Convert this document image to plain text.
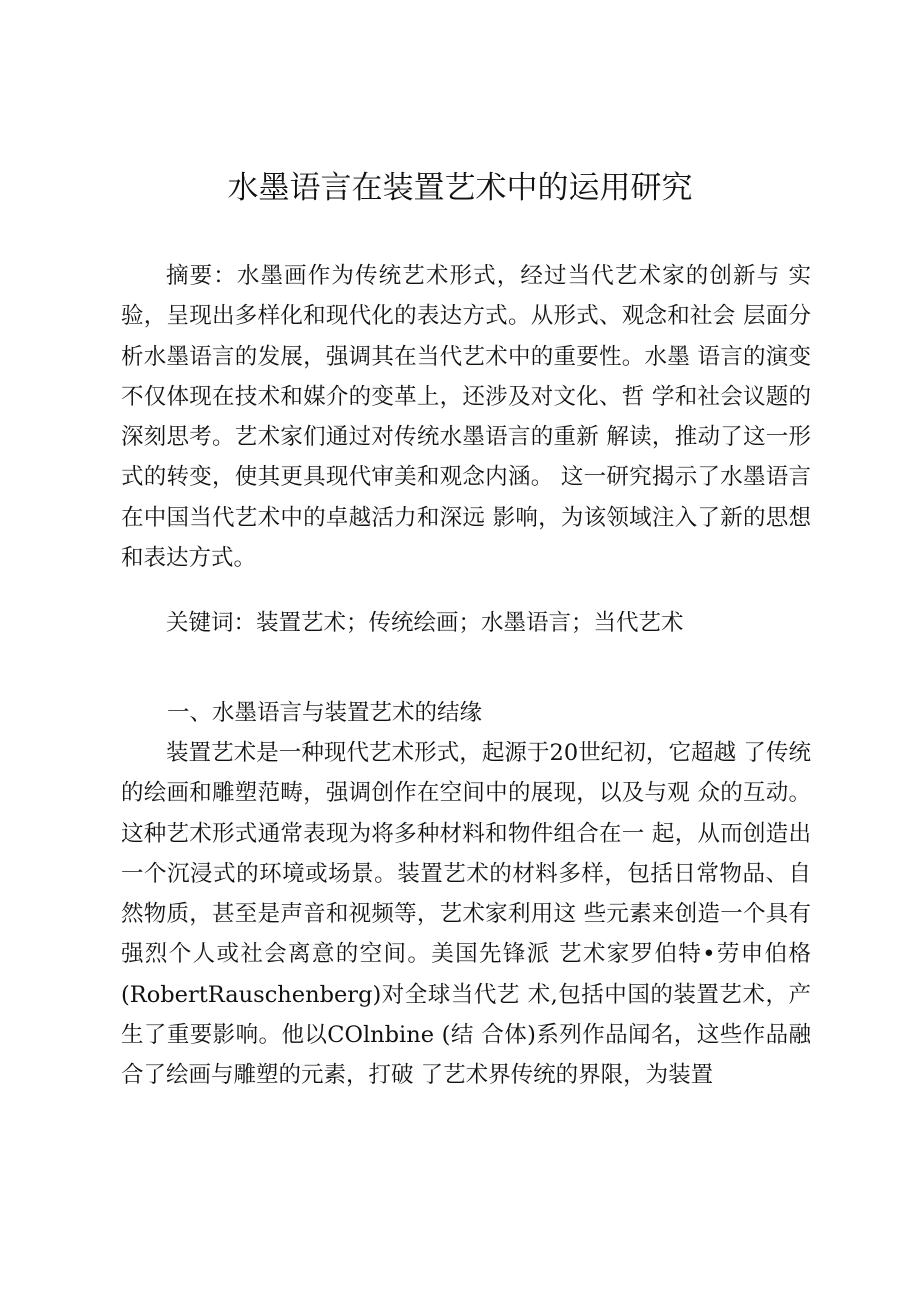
水墨语言在装置艺术中的运用研究
摘要：水墨画作为传统艺术形式，经过当代艺术家的创新与 实验，呈现出多样化和现代化的表达方式。从形式、观念和社会 层面分析水墨语言的发展，强调其在当代艺术中的重要性。水墨 语言的演变不仅体现在技术和媒介的变革上，还涉及对文化、哲 学和社会议题的深刻思考。艺术家们通过对传统水墨语言的重新 解读，推动了这一形式的转变，使其更具现代审美和观念内涵。 这一研究揭示了水墨语言在中国当代艺术中的卓越活力和深远 影响，为该领域注入了新的思想和表达方式。
关键词：装置艺术；传统绘画；水墨语言；当代艺术
一、水墨语言与装置艺术的结缘
装置艺术是一种现代艺术形式，起源于20世纪初，它超越 了传统的绘画和雕塑范畴，强调创作在空间中的展现，以及与观 众的互动。这种艺术形式通常表现为将多种材料和物件组合在一 起，从而创造出一个沉浸式的环境或场景。装置艺术的材料多样，包括日常物品、自然物质，甚至是声音和视频等，艺术家利用这 些元素来创造一个具有强烈个人或社会离意的空间。美国先锋派 艺术家罗伯特•劳申伯格(RobertRauschenberg)对全球当代艺 术,包括中国的装置艺术，产生了重要影响。他以COlnbine (结 合体)系列作品闻名，这些作品融合了绘画与雕塑的元素，打破 了艺术界传统的界限，为装置
